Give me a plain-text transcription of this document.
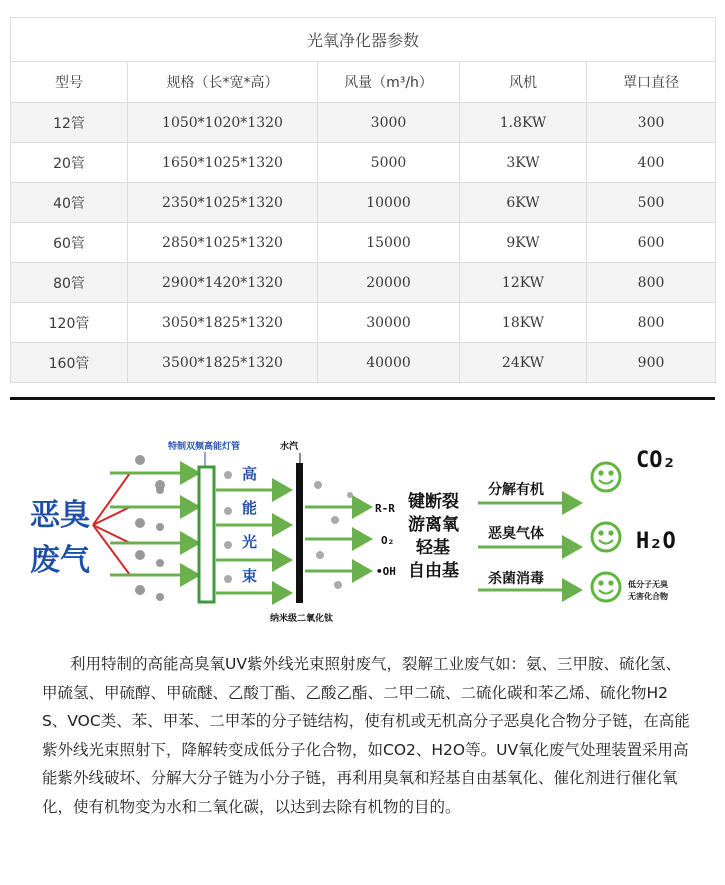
光氧净化器参数				
型号	规格（长*宽*高）	风量（m³/h）	风机	罩口直径
12管	1050*1020*1320	3000	1.8KW	300
20管	1650*1025*1320	5000	3KW	400
40管	2350*1025*1320	10000	6KW	500
60管	2850*1025*1320	15000	9KW	600
80管	2900*1420*1320	20000	12KW	800
120管	3050*1825*1320	30000	18KW	800
160管	3500*1825*1320	40000	24KW	900
恶臭
废气
特制双频高能灯管
高
能
光
束
水汽
纳米级二氧化钛
R-R
O₂
•OH
键断裂
游离氧
轻基
自由基
分解有机
恶臭气体
杀菌消毒
CO₂
H₂O
低分子无臭
无害化合物

利用特制的高能高臭氧UV紫外线光束照射废气，裂解工业废气如：氨、三甲胺、硫化氢、甲硫氢、甲硫醇、甲硫醚、乙酸丁酯、乙酸乙酯、二甲二硫、二硫化碳和苯乙烯、硫化物H2S、VOC类、苯、甲苯、二甲苯的分子链结构，使有机或无机高分子恶臭化合物分子链，在高能紫外线光束照射下，降解转变成低分子化合物，如CO2、H2O等。UV氧化废气处理装置采用高能紫外线破坏、分解大分子链为小分子链，再利用臭氧和羟基自由基氧化、催化剂进行催化氧化，使有机物变为水和二氧化碳，以达到去除有机物的目的。
